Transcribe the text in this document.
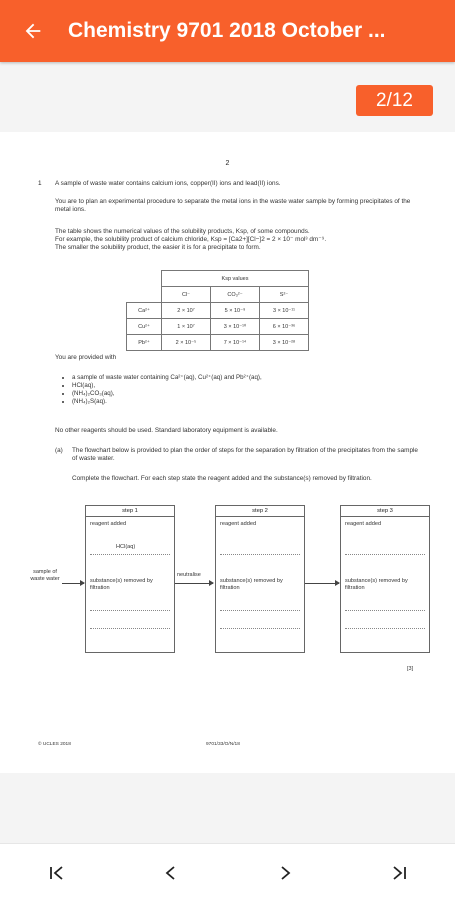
Chemistry 9701 2018 October ...
2/12
2
1 A sample of waste water contains calcium ions, copper(II) ions and lead(II) ions.
You are to plan an experimental procedure to separate the metal ions in the waste water sample by forming precipitates of the metal ions.
The table shows the numerical values of the solubility products, Ksp, of some compounds.
For example, the solubility product of calcium chloride, Ksp = [Ca2+][Cl−]2 = 2 × 10⁻ mol³ dm⁻⁹.
The smaller the solubility product, the easier it is for a precipitate to form.
	Ksp values		
	Cl⁻	CO₃²⁻	S²⁻
Ca²⁺	2 × 10⁷	5 × 10⁻⁹	3 × 10⁻¹¹
Cu²⁺	1 × 10⁷	3 × 10⁻¹⁰	6 × 10⁻³⁶
Pb²⁺	2 × 10⁻⁵	7 × 10⁻¹⁴	3 × 10⁻²⁸
You are provided with
• a sample of waste water containing Ca²⁺(aq), Cu²⁺(aq) and Pb²⁺(aq),
• HCl(aq),
• (NH₄)₂CO₃(aq),
• (NH₄)₂S(aq).
No other reagents should be used. Standard laboratory equipment is available.
(a) The flowchart below is provided to plan the order of steps for the separation by filtration of the precipitates from the sample of waste water.
Complete the flowchart. For each step state the reagent added and the substance(s) removed by filtration.
sample of waste water
step 1
reagent added
HCl(aq)
substance(s) removed by filtration
neutralise
step 2
reagent added
substance(s) removed by filtration
step 3
reagent added
substance(s) removed by filtration
[3]
© UCLES 2018	9701/33/O/N/18
